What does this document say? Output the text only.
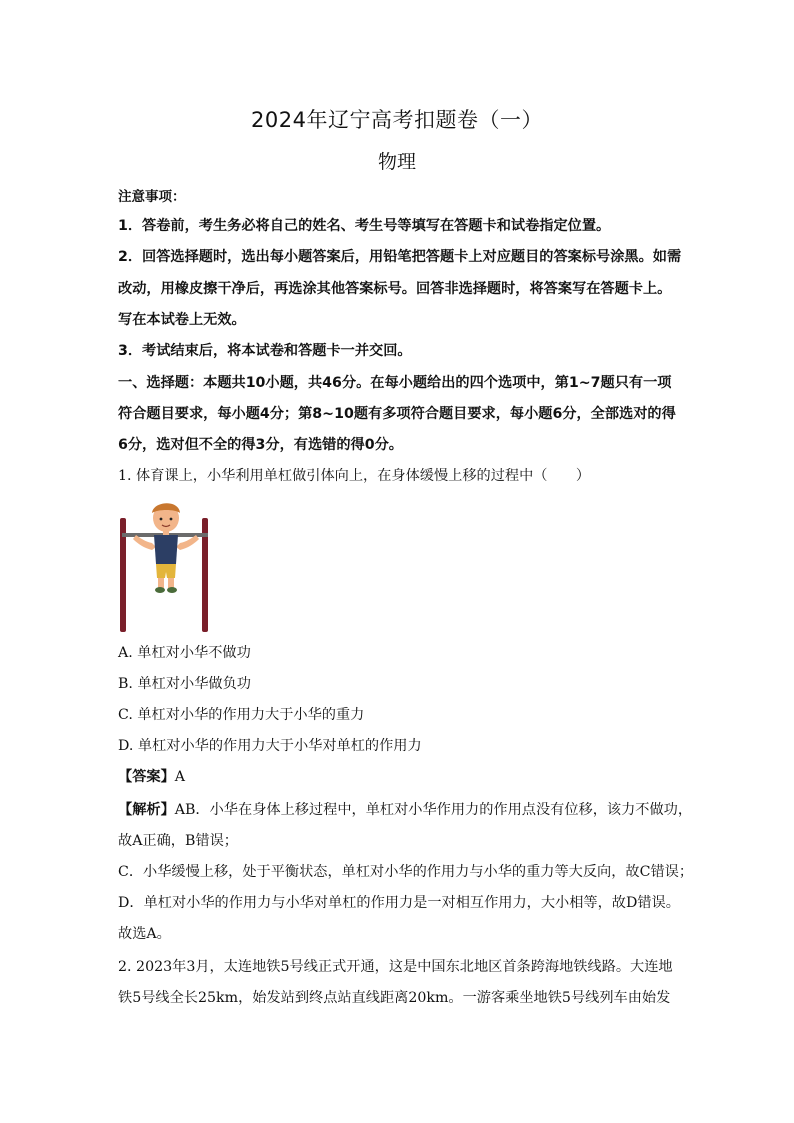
2024年辽宁高考扣题卷（一）
物理
注意事项：
1．答卷前，考生务必将自己的姓名、考生号等填写在答题卡和试卷指定位置。
2．回答选择题时，选出每小题答案后，用铅笔把答题卡上对应题目的答案标号涂黑。如需
改动，用橡皮擦干净后，再选涂其他答案标号。回答非选择题时，将答案写在答题卡上。
写在本试卷上无效。
3．考试结束后，将本试卷和答题卡一并交回。
一、选择题：本题共10小题，共46分。在每小题给出的四个选项中，第1~7题只有一项
符合题目要求，每小题4分；第8~10题有多项符合题目要求，每小题6分，全部选对的得
6分，选对但不全的得3分，有选错的得0分。
1. 体育课上，小华利用单杠做引体向上，在身体缓慢上移的过程中（　　）
A. 单杠对小华不做功
B. 单杠对小华做负功
C. 单杠对小华的作用力大于小华的重力
D. 单杠对小华的作用力大于小华对单杠的作用力
【答案】A
【解析】AB．小华在身体上移过程中，单杠对小华作用力的作用点没有位移，该力不做功，
故A正确，B错误；
C．小华缓慢上移，处于平衡状态，单杠对小华的作用力与小华的重力等大反向，故C错误；
D．单杠对小华的作用力与小华对单杠的作用力是一对相互作用力，大小相等，故D错误。
故选A。
2. 2023年3月，太连地铁5号线正式开通，这是中国东北地区首条跨海地铁线路。大连地
铁5号线全长25km，始发站到终点站直线距离20km。一游客乘坐地铁5号线列车由始发
